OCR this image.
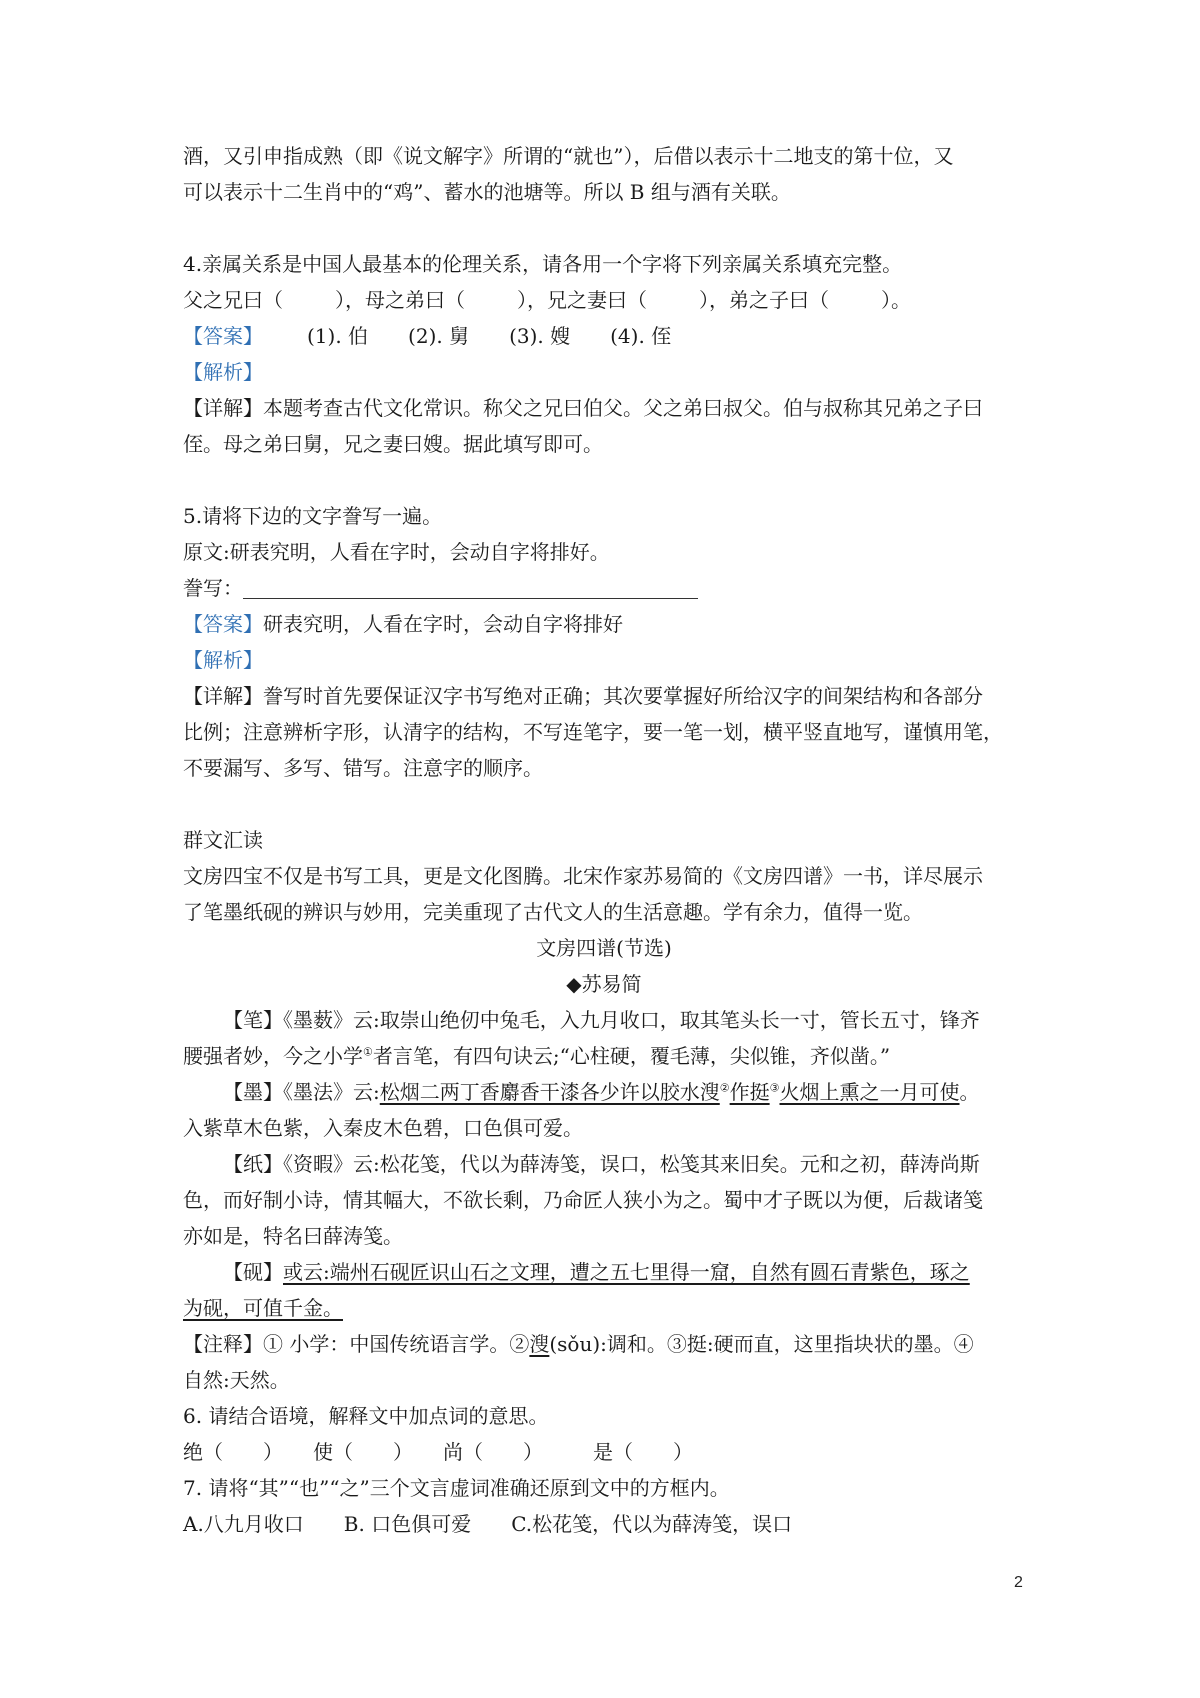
酒，又引申指成熟（即《说文解字》所谓的“就也”），后借以表示十二地支的第十位，又

可以表示十二生肖中的“鸡”、蓄水的池塘等。所以 B 组与酒有关联。

4.亲属关系是中国人最基本的伦理关系，请各用一个字将下列亲属关系填充完整。

父之兄曰（	），母之弟曰（	），兄之妻曰（	），弟之子曰（	）。

【答案】 (1). 伯　　(2). 舅　　(3). 嫂　　(4). 侄

【解析】

【详解】本题考查古代文化常识。称父之兄曰伯父。父之弟曰叔父。伯与叔称其兄弟之子曰

侄。母之弟曰舅，兄之妻曰嫂。据此填写即可。

5.请将下边的文字誊写一遍。

原文:研表究明，人看在字时，会动自字将排好。

誊写：

【答案】研表究明，人看在字时，会动自字将排好

【解析】

【详解】誊写时首先要保证汉字书写绝对正确；其次要掌握好所给汉字的间架结构和各部分

比例；注意辨析字形，认清字的结构，不写连笔字，要一笔一划，横平竖直地写，谨慎用笔，

不要漏写、多写、错写。注意字的顺序。

群文汇读

文房四宝不仅是书写工具，更是文化图腾。北宋作家苏易简的《文房四谱》一书，详尽展示

了笔墨纸砚的辨识与妙用，完美重现了古代文人的生活意趣。学有余力，值得一览。

文房四谱(节选)

◆苏易简

【笔】《墨薮》云:取崇山绝仞中兔毛，入九月收口，取其笔头长一寸，管长五寸，锋齐

腰强者妙，今之小学①者言笔，有四句诀云;“心柱硬，覆毛薄，尖似锥，齐似凿。”

【墨】《墨法》云:松烟二两丁香麝香干漆各少许以胶水溲②作挺③火烟上熏之一月可使。

入紫草木色紫，入秦皮木色碧，口色俱可爱。

【纸】《资暇》云:松花笺，代以为薛涛笺，误口，松笺其来旧矣。元和之初，薛涛尚斯

色，而好制小诗，情其幅大，不欲长剩，乃命匠人狭小为之。蜀中才子既以为便，后裁诸笺

亦如是，特名曰薛涛笺。

【砚】或云:端州石砚匠识山石之文理，遭之五七里得一窟，自然有圆石青紫色，琢之

为砚，可值千金。

【注释】① 小学：中国传统语言学。②溲(sǒu):调和。③挺:硬而直，这里指块状的墨。④

自然:天然。

6. 请结合语境，解释文中加点词的意思。

绝（ ）　　使（ ）　　尚（ ）　　　是（ ）

7. 请将“其”“也”“之”三个文言虚词准确还原到文中的方框内。

A.八九月收口　　B. 口色俱可爱　　C.松花笺，代以为薛涛笺，误口

2
